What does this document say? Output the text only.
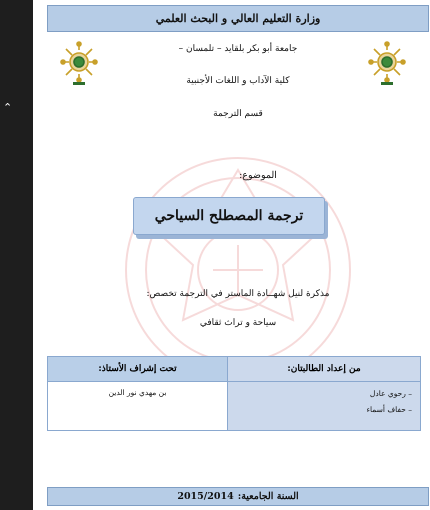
⌃
وزارة التعليم العالي و البحث العلمي
جامعة أبو بكر بلقايد – تلمسان –
كلية الآداب و اللغات الأجنبية
قسم الترجمة
الموضوع:
ترجمة المصطلح السياحي
مذكرة لنيل شهــادة الماستر في الترجمة تخصص:
سياحة و تراث ثقافي
من إعداد الطالبتان:	تحت إشراف الأستاذ:

– رحوي عادل
– حفاف أسماء	بن مهدي نور الدين
السنة الجامعية:
2015/2014
